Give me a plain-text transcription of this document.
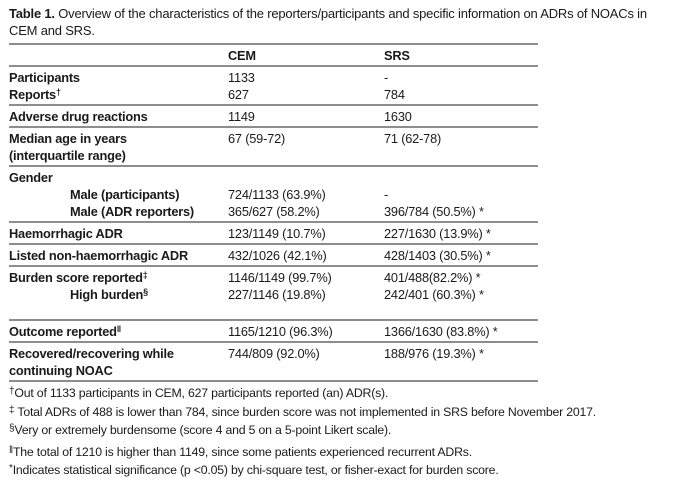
Table 1. Overview of the characteristics of the reporters/participants and specific information on ADRs of NOACs in CEM and SRS.
CEM	SRS
Participants	1133	-
Reports†	627	784
Adverse drug reactions	1149	1630
Median age in years
(interquartile range)
67 (59-72)	71 (62-78)
Gender
Male (participants)	724/1133 (63.9%)	-
Male (ADR reporters)	365/627 (58.2%)	396/784 (50.5%) *
Haemorrhagic ADR	123/1149 (10.7%)	227/1630 (13.9%) *
Listed non-haemorrhagic ADR	432/1026 (42.1%)	428/1403 (30.5%) *
Burden score reported‡	1146/1149 (99.7%)	401/488(82.2%) *
High burden§	227/1146 (19.8%)	242/401 (60.3%) *
Outcome reported‖	1165/1210 (96.3%)	1366/1630 (83.8%) *
Recovered/recovering while
continuing NOAC
744/809 (92.0%)	188/976 (19.3%) *
†Out of 1133 participants in CEM, 627 participants reported (an) ADR(s).
‡ Total ADRs of 488 is lower than 784, since burden score was not implemented in SRS before November 2017.
§Very or extremely burdensome (score 4 and 5 on a 5-point Likert scale).
‖The total of 1210 is higher than 1149, since some patients experienced recurrent ADRs.
*Indicates statistical significance (p <0.05) by chi-square test, or fisher-exact for burden score.
